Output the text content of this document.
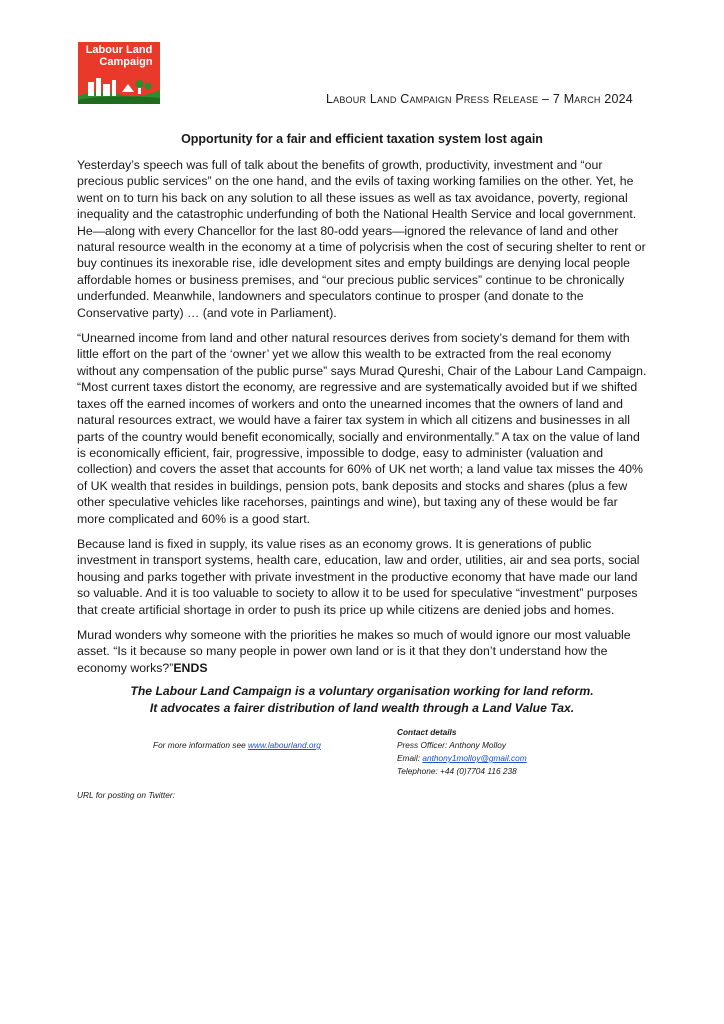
Labour Land
Campaign
Labour Land Campaign Press Release – 7 March 2024
Opportunity for a fair and efficient taxation system lost again

Yesterday’s speech was full of talk about the benefits of growth, productivity, investment and “our precious public services” on the one hand, and the evils of taxing working families on the other. Yet, he went on to turn his back on any solution to all these issues as well as tax avoidance, poverty, regional inequality and the catastrophic underfunding of both the National Health Service and local government. He—along with every Chancellor for the last 80-odd years—ignored the relevance of land and other natural resource wealth in the economy at a time of polycrisis when the cost of securing shelter to rent or buy continues its inexorable rise, idle development sites and empty buildings are denying local people affordable homes or business premises, and “our precious public services” continue to be chronically underfunded. Meanwhile, landowners and speculators continue to prosper (and donate to the Conservative party) … (and vote in Parliament).

“Unearned income from land and other natural resources derives from society’s demand for them with little effort on the part of the ‘owner’ yet we allow this wealth to be extracted from the real economy without any compensation of the public purse” says Murad Qureshi, Chair of the Labour Land Campaign. “Most current taxes distort the economy, are regressive and are systematically avoided but if we shifted taxes off the earned incomes of workers and onto the unearned incomes that the owners of land and natural resources extract, we would have a fairer tax system in which all citizens and businesses in all parts of the country would benefit economically, socially and environmentally.” A tax on the value of land is economically efficient, fair, progressive, impossible to dodge, easy to administer (valuation and collection) and covers the asset that accounts for 60% of UK net worth; a land value tax misses the 40% of UK wealth that resides in buildings, pension pots, bank deposits and stocks and shares (plus a few other speculative vehicles like racehorses, paintings and wine), but taxing any of these would be far more complicated and 60% is a good start.

Because land is fixed in supply, its value rises as an economy grows. It is generations of public investment in transport systems, health care, education, law and order, utilities, air and sea ports, social housing and parks together with private investment in the productive economy that have made our land so valuable. And it is too valuable to society to allow it to be used for speculative “investment” purposes that create artificial shortage in order to push its price up while citizens are denied jobs and homes.

Murad wonders why someone with the priorities he makes so much of would ignore our most valuable asset. “Is it because so many people in power own land or is it that they don’t understand how the economy works?”ENDS

The Labour Land Campaign is a voluntary organisation working for land reform.
It advocates a fairer distribution of land wealth through a Land Value Tax.
For more information see www.labourland.org
Contact details
Press Officer: Anthony Molloy
Email: anthony1molloy@gmail.com
Telephone: +44 (0)7704 116 238
URL for posting on Twitter:
